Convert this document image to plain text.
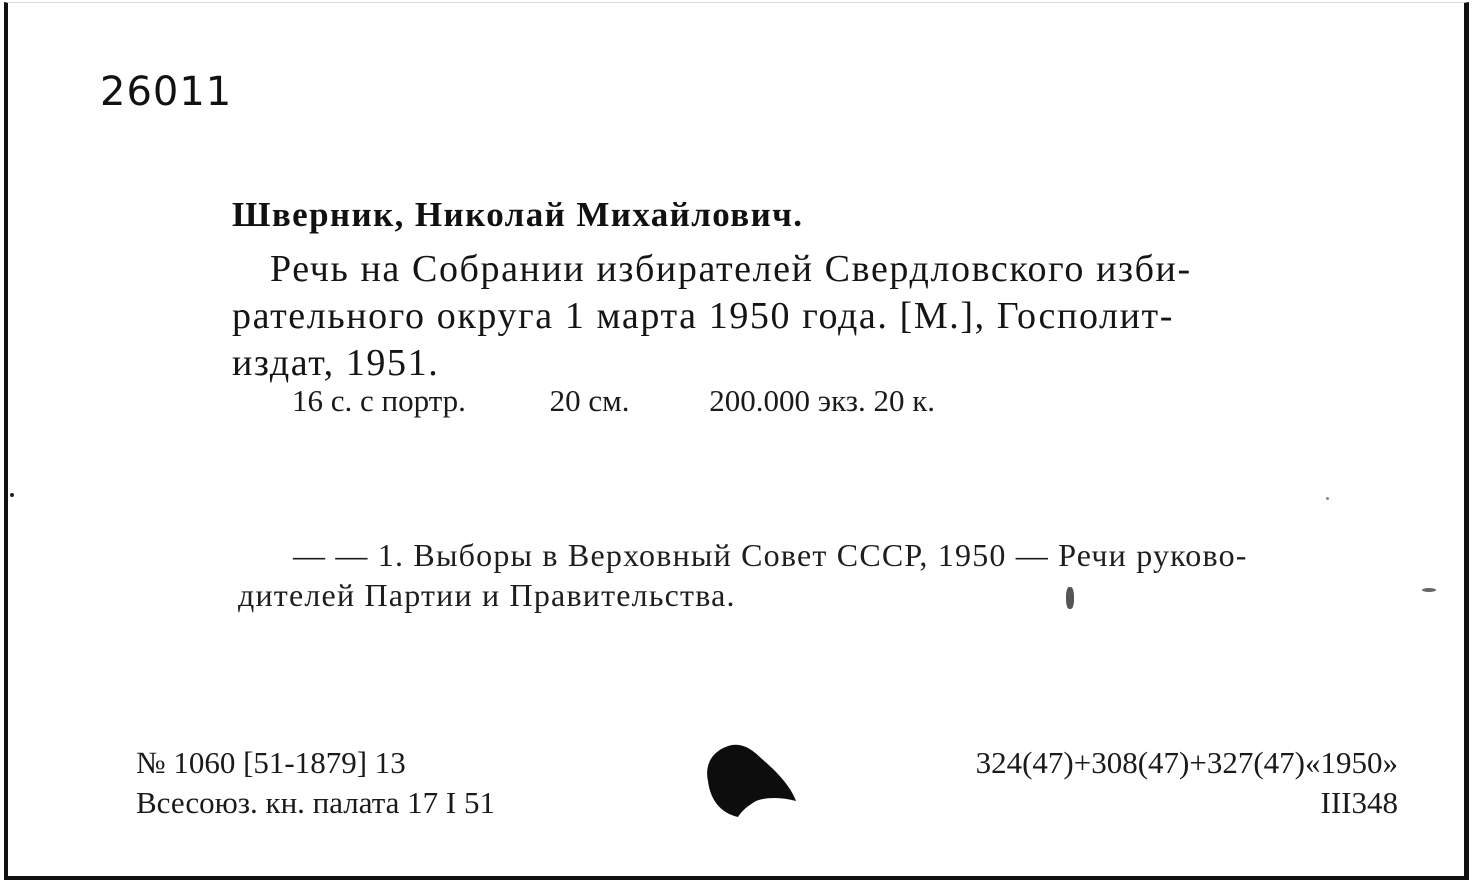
26011
Шверник, Николай Михайлович.
Речь на Собрании избирателей Свердловского изби-
рательного округа 1 марта 1950 года. [М.], Госполит-
издат, 1951.
16 с. с портр.	20 см.	200.000 экз. 20 к.
— — 1. Выборы в Верховный Совет СССР, 1950 — Речи руково-
дителей Партии и Правительства.
№ 1060 [51-1879] 13
Всесоюз. кн. палата 17 I 51
324(47)+308(47)+327(47)«1950»
III348
